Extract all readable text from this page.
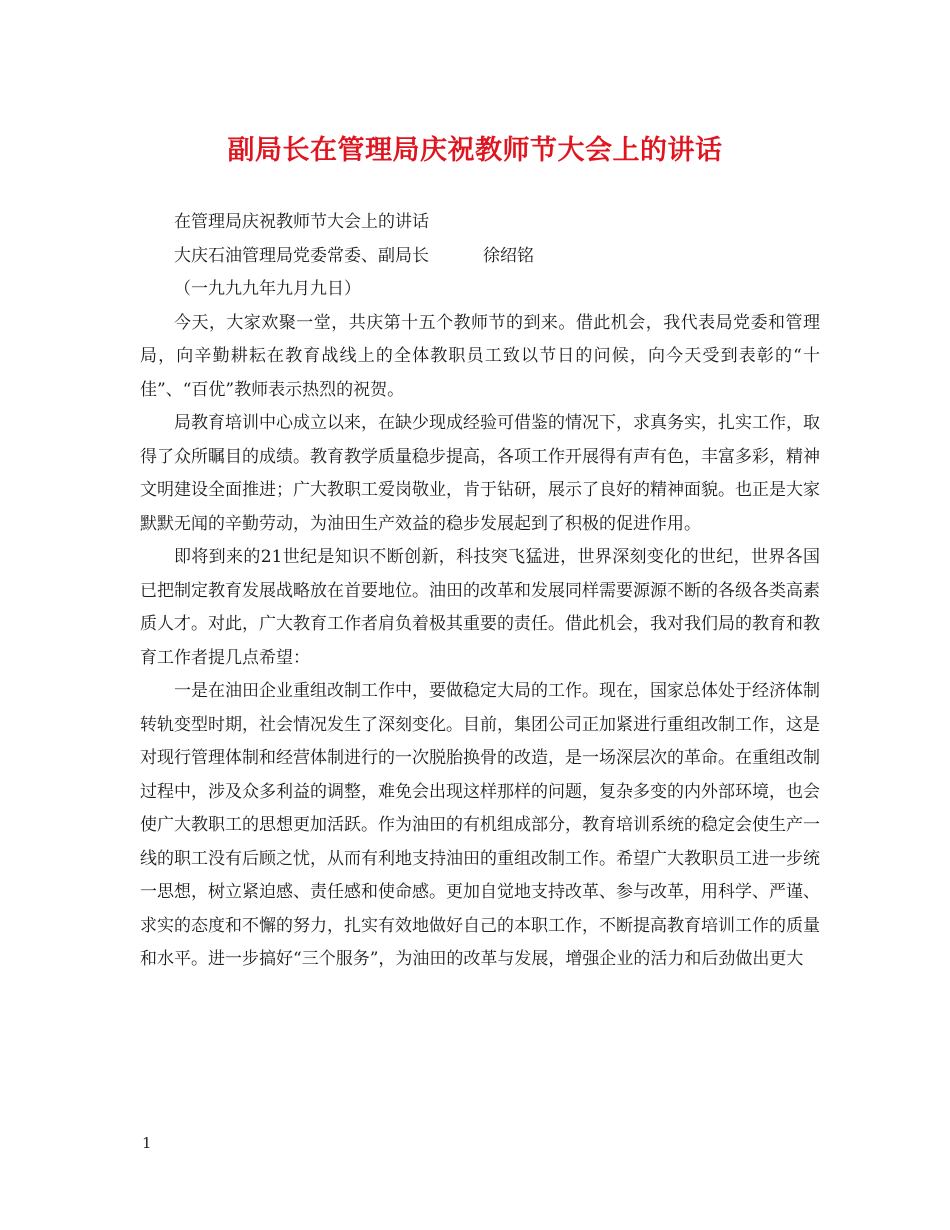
副局长在管理局庆祝教师节大会上的讲话

在管理局庆祝教师节大会上的讲话

大庆石油管理局党委常委、副局长	徐绍铭

（一九九九年九月九日）

今天，大家欢聚一堂，共庆第十五个教师节的到来。借此机会，我代表局党委和管理局，向辛勤耕耘在教育战线上的全体教职员工致以节日的问候，向今天受到表彰的“十佳”、“百优”教师表示热烈的祝贺。

局教育培训中心成立以来，在缺少现成经验可借鉴的情况下，求真务实，扎实工作，取得了众所瞩目的成绩。教育教学质量稳步提高，各项工作开展得有声有色，丰富多彩，精神文明建设全面推进；广大教职工爱岗敬业，肯于钻研，展示了良好的精神面貌。也正是大家默默无闻的辛勤劳动，为油田生产效益的稳步发展起到了积极的促进作用。

即将到来的21世纪是知识不断创新，科技突飞猛进，世界深刻变化的世纪，世界各国已把制定教育发展战略放在首要地位。油田的改革和发展同样需要源源不断的各级各类高素质人才。对此，广大教育工作者肩负着极其重要的责任。借此机会，我对我们局的教育和教育工作者提几点希望：

一是在油田企业重组改制工作中，要做稳定大局的工作。现在，国家总体处于经济体制转轨变型时期，社会情况发生了深刻变化。目前，集团公司正加紧进行重组改制工作，这是对现行管理体制和经营体制进行的一次脱胎换骨的改造，是一场深层次的革命。在重组改制过程中，涉及众多利益的调整，难免会出现这样那样的问题，复杂多变的内外部环境，也会使广大教职工的思想更加活跃。作为油田的有机组成部分，教育培训系统的稳定会使生产一线的职工没有后顾之忧，从而有利地支持油田的重组改制工作。希望广大教职员工进一步统一思想，树立紧迫感、责任感和使命感。更加自觉地支持改革、参与改革，用科学、严谨、求实的态度和不懈的努力，扎实有效地做好自己的本职工作，不断提高教育培训工作的质量和水平。进一步搞好“三个服务”，为油田的改革与发展，增强企业的活力和后劲做出更大

1
